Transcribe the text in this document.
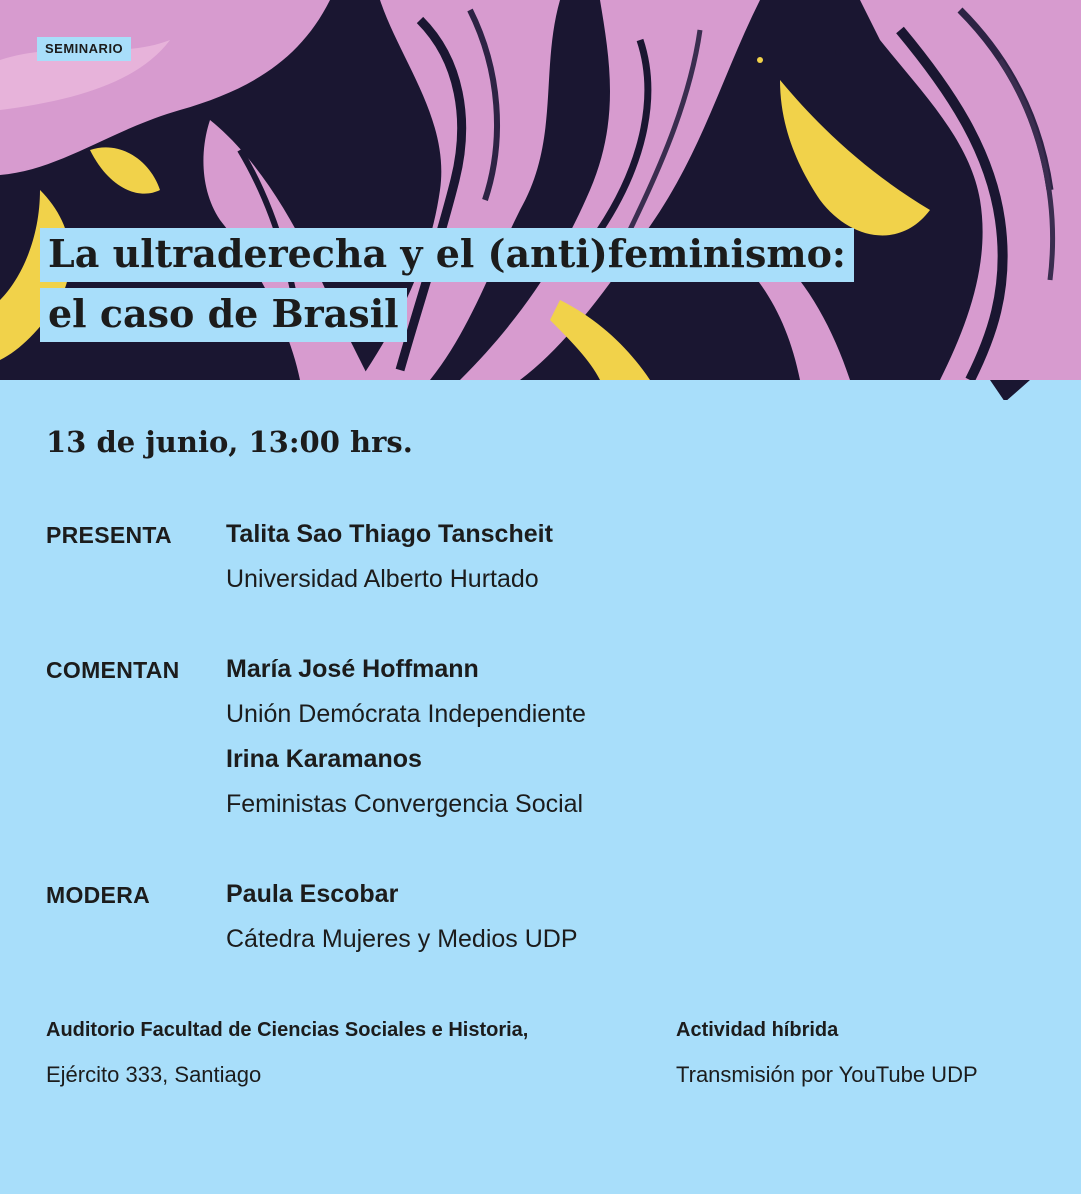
SEMINARIO
La ultraderecha y el (anti)feminismo:
el caso de Brasil
13 de junio, 13:00 hrs.
PRESENTA Talita Sao Thiago Tanscheit
Universidad Alberto Hurtado
COMENTAN María José Hoffmann
Unión Demócrata Independiente
Irina Karamanos
Feministas Convergencia Social
MODERA	Paula Escobar
Cátedra Mujeres y Medios UDP
Auditorio Facultad de Ciencias Sociales e Historia,
Ejército 333, Santiago
Actividad híbrida
Transmisión por YouTube UDP
